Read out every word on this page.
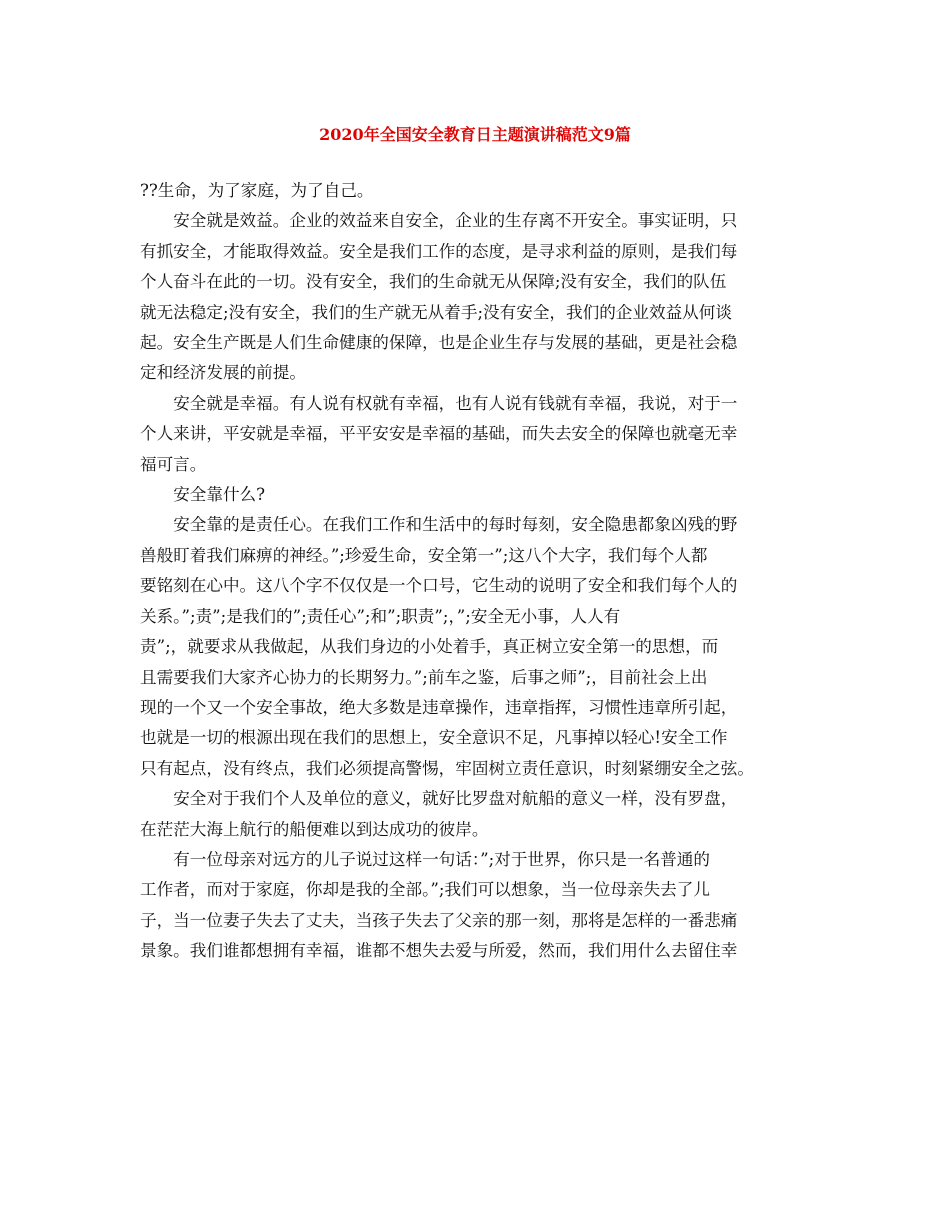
2020年全国安全教育日主题演讲稿范文9篇

??生命，为了家庭，为了自己。

安全就是效益。企业的效益来自安全，企业的生存离不开安全。事实证明，只
有抓安全，才能取得效益。安全是我们工作的态度，是寻求利益的原则，是我们每
个人奋斗在此的一切。没有安全，我们的生命就无从保障;没有安全，我们的队伍
就无法稳定;没有安全，我们的生产就无从着手;没有安全，我们的企业效益从何谈
起。安全生产既是人们生命健康的保障，也是企业生存与发展的基础，更是社会稳
定和经济发展的前提。

安全就是幸福。有人说有权就有幸福，也有人说有钱就有幸福，我说，对于一
个人来讲，平安就是幸福，平平安安是幸福的基础，而失去安全的保障也就毫无幸
福可言。

安全靠什么?

安全靠的是责任心。在我们工作和生活中的每时每刻，安全隐患都象凶残的野
兽般盯着我们麻痹的神经。”;珍爱生命，安全第一”;这八个大字，我们每个人都
要铭刻在心中。这八个字不仅仅是一个口号，它生动的说明了安全和我们每个人的
关系。”;责”;是我们的”;责任心”;和”;职责”;，”;安全无小事，人人有
责”;，就要求从我做起，从我们身边的小处着手，真正树立安全第一的思想，而
且需要我们大家齐心协力的长期努力。”;前车之鉴，后事之师”;，目前社会上出
现的一个又一个安全事故，绝大多数是违章操作，违章指挥，习惯性违章所引起，
也就是一切的根源出现在我们的思想上，安全意识不足，凡事掉以轻心!安全工作
只有起点，没有终点，我们必须提高警惕，牢固树立责任意识，时刻紧绷安全之弦。

安全对于我们个人及单位的意义，就好比罗盘对航船的意义一样，没有罗盘，
在茫茫大海上航行的船便难以到达成功的彼岸。

有一位母亲对远方的儿子说过这样一句话：”;对于世界，你只是一名普通的
工作者，而对于家庭，你却是我的全部。”;我们可以想象，当一位母亲失去了儿
子，当一位妻子失去了丈夫，当孩子失去了父亲的那一刻，那将是怎样的一番悲痛
景象。我们谁都想拥有幸福，谁都不想失去爱与所爱，然而，我们用什么去留住幸
